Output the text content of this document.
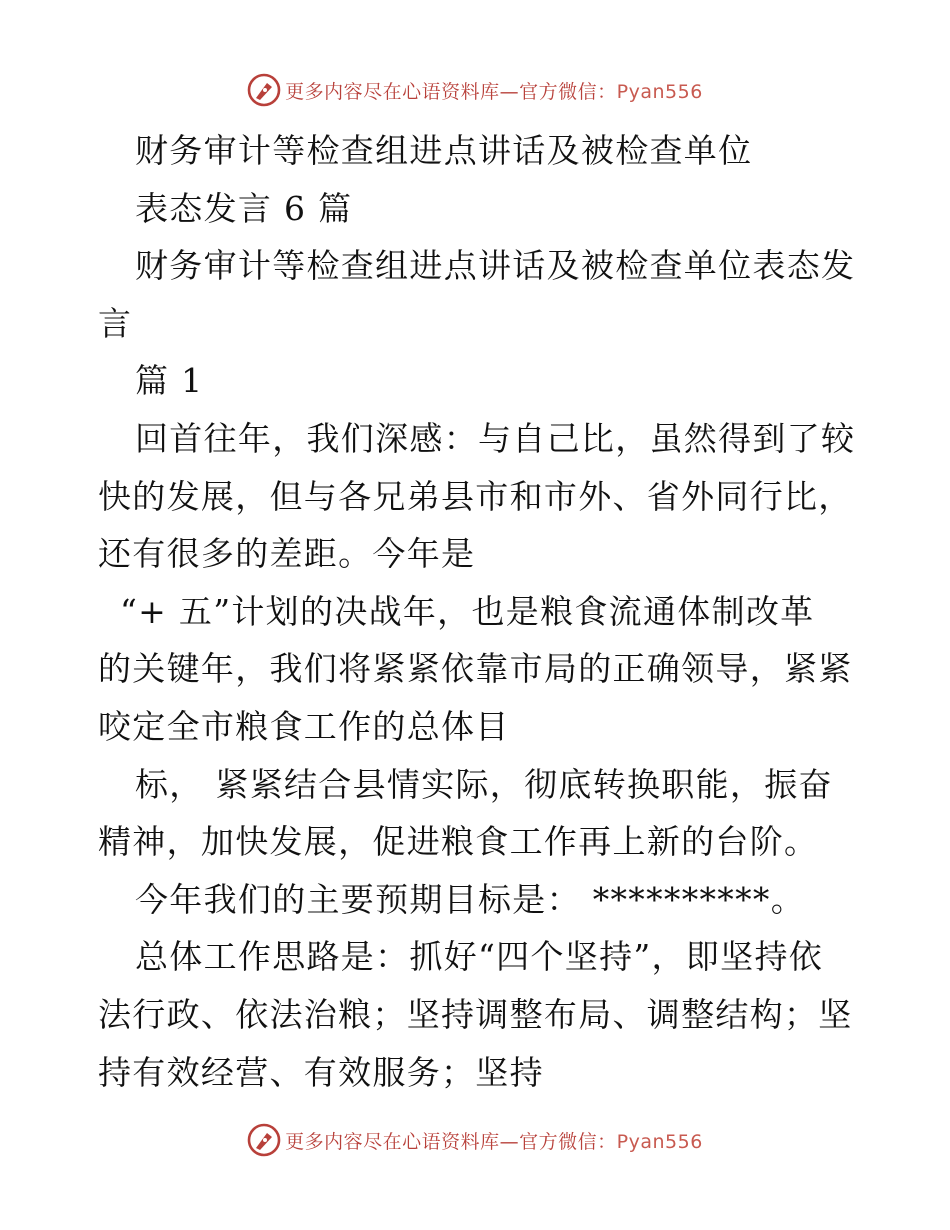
更多内容尽在心语资料库—官方微信：Pyan556
财务审计等检查组进点讲话及被检查单位
表态发言 6 篇
财务审计等检查组进点讲话及被检查单位表态发
言
篇 1
回首往年，我们深感：与自己比，虽然得到了较
快的发展，但与各兄弟县市和市外、省外同行比，
还有很多的差距。今年是
“+ 五”计划的决战年，也是粮食流通体制改革
的关键年，我们将紧紧依靠市局的正确领导，紧紧
咬定全市粮食工作的总体目
标， 紧紧结合县情实际，彻底转换职能，振奋
精神，加快发展，促进粮食工作再上新的台阶。
今年我们的主要预期目标是： **********。
总体工作思路是：抓好“四个坚持”，即坚持依
法行政、依法治粮；坚持调整布局、调整结构；坚
持有效经营、有效服务；坚持
更多内容尽在心语资料库—官方微信：Pyan556
